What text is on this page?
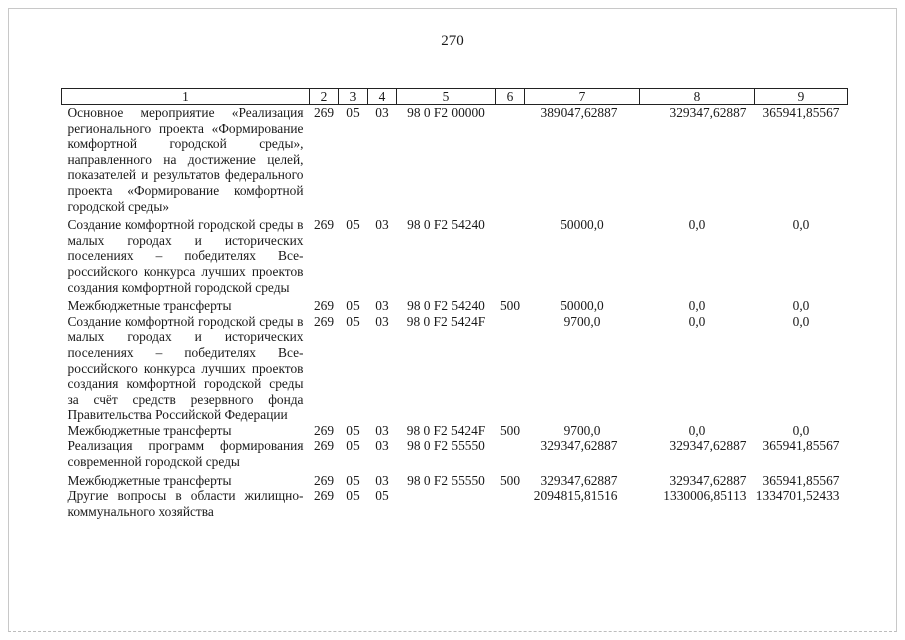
270
1	2	3	4	5	6	7	8	9
Основное мероприятие «Реализация регионального проекта «Формирование комфортной городской среды», направленного на достижение целей, показателей и результатов федерального проекта «Формирование комфортной городской среды»	269	05	03	98 0 F2 00000		389047,62887	329347,62887	365941,85567
Создание комфортной городской среды в малых городах и исторических поселениях – победителях Всероссийского конкурса лучших проектов создания комфортной городской среды	269	05	03	98 0 F2 54240		50000,0	0,0	0,0
Межбюджетные трансферты	269	05	03	98 0 F2 54240	500	50000,0	0,0	0,0
Создание комфортной городской среды в малых городах и исторических поселениях – победителях Всероссийского конкурса лучших проектов создания комфортной городской среды за счёт средств резервного фонда Правительства Российской Федерации	269	05	03	98 0 F2 5424F		9700,0	0,0	0,0
Межбюджетные трансферты	269	05	03	98 0 F2 5424F	500	9700,0	0,0	0,0
Реализация программ формирования современной городской среды	269	05	03	98 0 F2 55550		329347,62887	329347,62887	365941,85567
Межбюджетные трансферты	269	05	03	98 0 F2 55550	500	329347,62887	329347,62887	365941,85567
Другие вопросы в области жилищно-коммунального хозяйства	269	05	05			2094815,81516	1330006,85113	1334701,52433
